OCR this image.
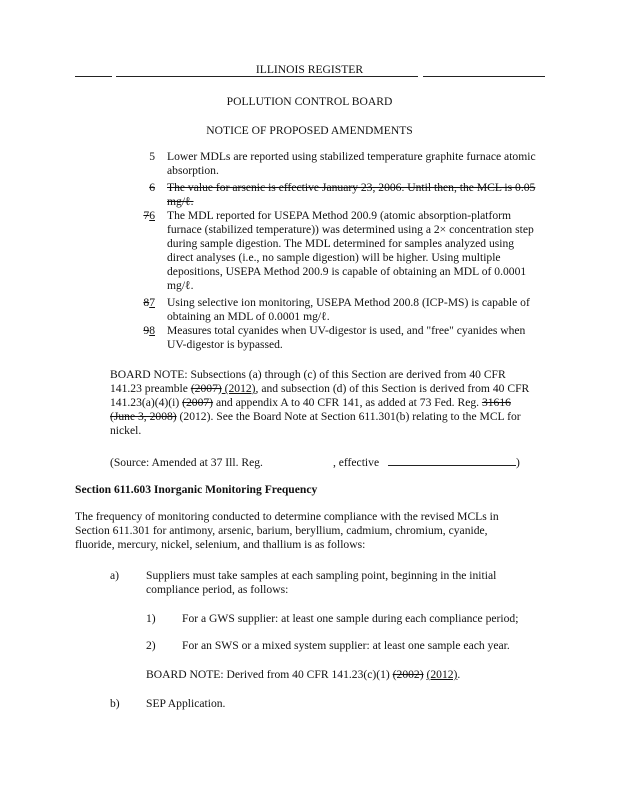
ILLINOIS REGISTER
POLLUTION CONTROL BOARD
NOTICE OF PROPOSED AMENDMENTS
5 Lower MDLs are reported using stabilized temperature graphite furnace atomic absorption.
6 The value for arsenic is effective January 23, 2006. Until then, the MCL is 0.05 mg/ℓ.
76 The MDL reported for USEPA Method 200.9 (atomic absorption-platform furnace (stabilized temperature)) was determined using a 2× concentration step during sample digestion. The MDL determined for samples analyzed using direct analyses (i.e., no sample digestion) will be higher. Using multiple depositions, USEPA Method 200.9 is capable of obtaining an MDL of 0.0001 mg/ℓ.
87 Using selective ion monitoring, USEPA Method 200.8 (ICP-MS) is capable of obtaining an MDL of 0.0001 mg/ℓ.
98 Measures total cyanides when UV-digestor is used, and "free" cyanides when UV-digestor is bypassed.
BOARD NOTE: Subsections (a) through (c) of this Section are derived from 40 CFR 141.23 preamble (2007) (2012), and subsection (d) of this Section is derived from 40 CFR 141.23(a)(4)(i) (2007) and appendix A to 40 CFR 141, as added at 73 Fed. Reg. 31616 (June 3, 2008) (2012). See the Board Note at Section 611.301(b) relating to the MCL for nickel.
(Source: Amended at 37 Ill. Reg.	, effective	)
Section 611.603 Inorganic Monitoring Frequency
The frequency of monitoring conducted to determine compliance with the revised MCLs in Section 611.301 for antimony, arsenic, barium, beryllium, cadmium, chromium, cyanide, fluoride, mercury, nickel, selenium, and thallium is as follows:
a) Suppliers must take samples at each sampling point, beginning in the initial compliance period, as follows:
1) For a GWS supplier: at least one sample during each compliance period;
2) For an SWS or a mixed system supplier: at least one sample each year.
BOARD NOTE: Derived from 40 CFR 141.23(c)(1) (2002) (2012).
b) SEP Application.
